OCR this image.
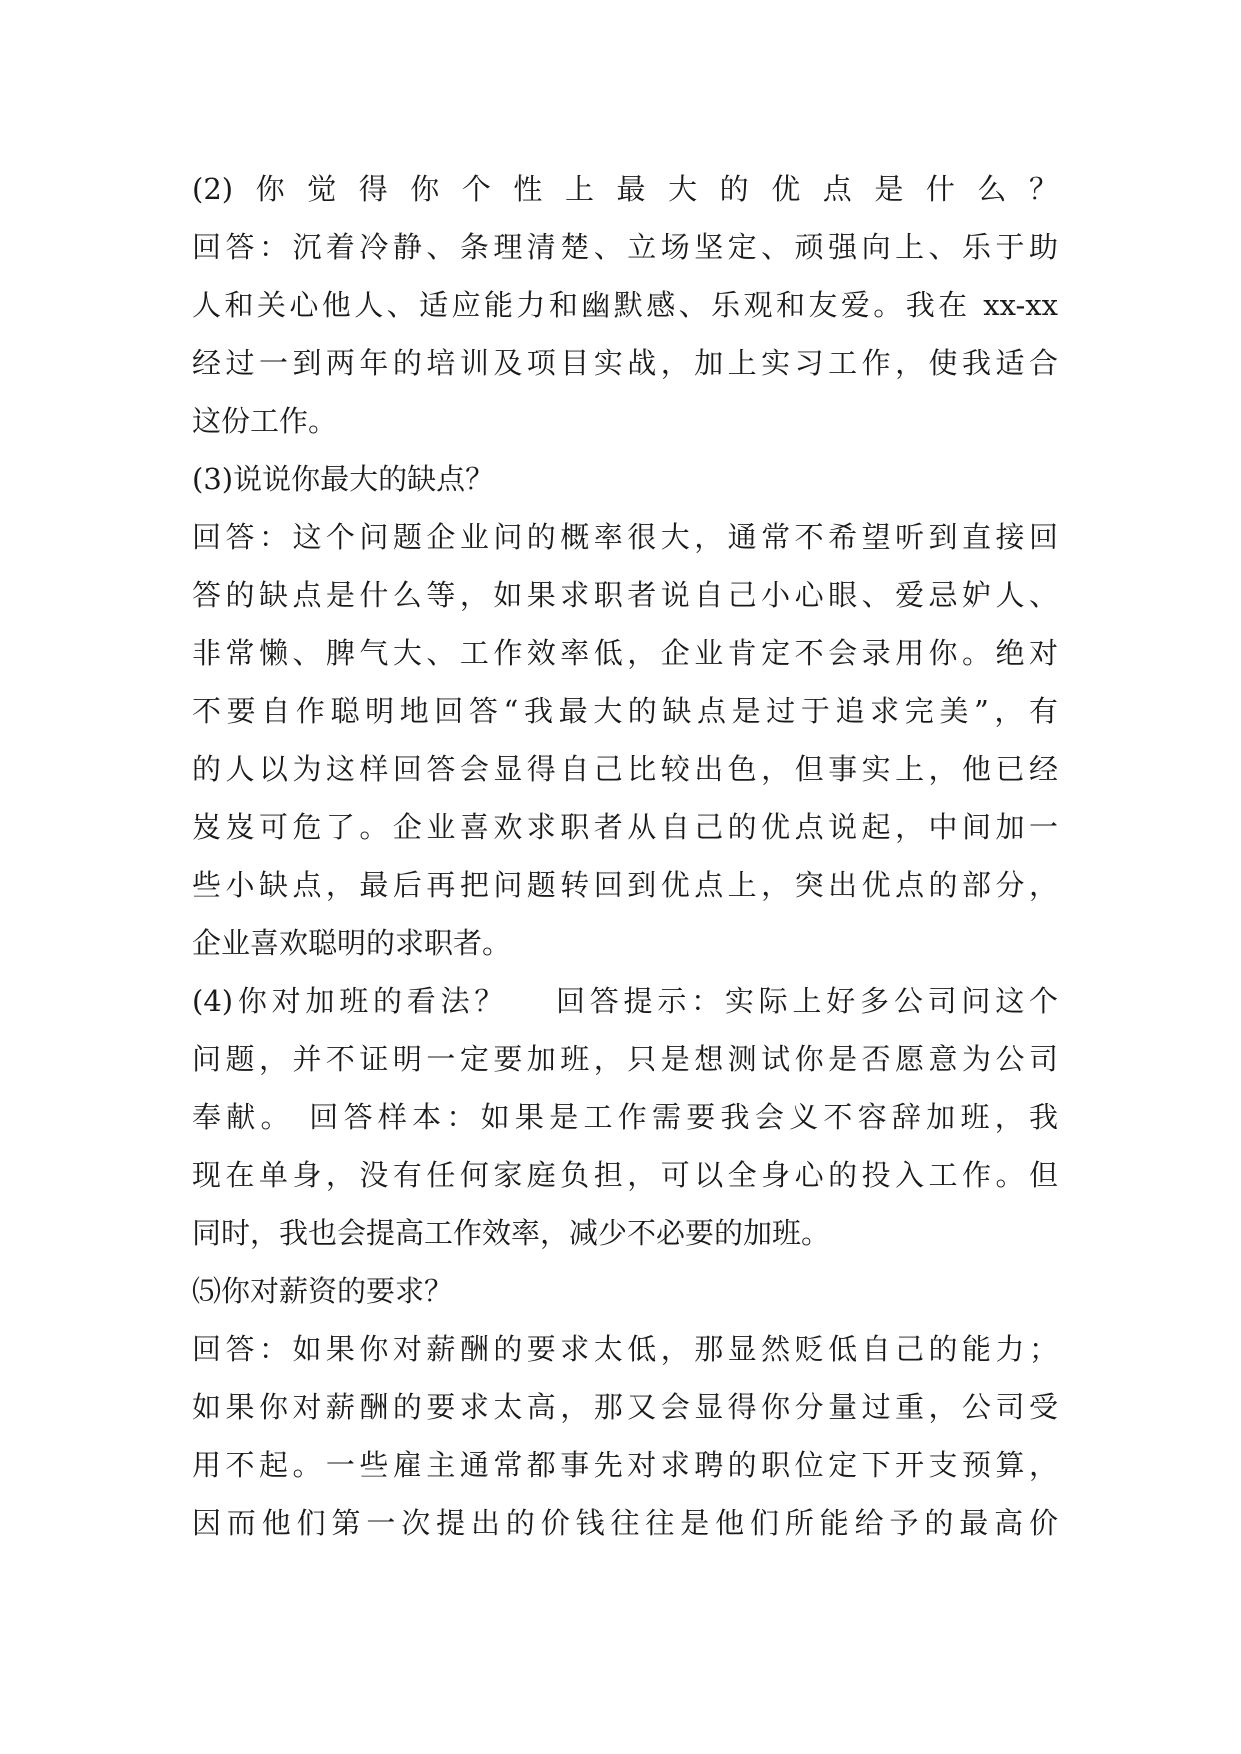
(2)你觉得你个性上最大的优点是什么？
回答：沉着冷静、条理清楚、立场坚定、顽强向上、乐于助
人和关心他人、适应能力和幽默感、乐观和友爱。我在 xx-xx
经过一到两年的培训及项目实战，加上实习工作，使我适合
这份工作。
(3)说说你最大的缺点？
回答：这个问题企业问的概率很大，通常不希望听到直接回
答的缺点是什么等，如果求职者说自己小心眼、爱忌妒人、
非常懒、脾气大、工作效率低，企业肯定不会录用你。绝对
不要自作聪明地回答“我最大的缺点是过于追求完美”，有
的人以为这样回答会显得自己比较出色，但事实上，他已经
岌岌可危了。企业喜欢求职者从自己的优点说起，中间加一
些小缺点，最后再把问题转回到优点上，突出优点的部分，
企业喜欢聪明的求职者。
(4)你对加班的看法？　 回答提示：实际上好多公司问这个
问题，并不证明一定要加班，只是想测试你是否愿意为公司
奉献。 回答样本：如果是工作需要我会义不容辞加班，我
现在单身，没有任何家庭负担，可以全身心的投入工作。但
同时，我也会提高工作效率，减少不必要的加班。
⑸你对薪资的要求？
回答：如果你对薪酬的要求太低，那显然贬低自己的能力；
如果你对薪酬的要求太高，那又会显得你分量过重，公司受
用不起。一些雇主通常都事先对求聘的职位定下开支预算，
因而他们第一次提出的价钱往往是他们所能给予的最高价
